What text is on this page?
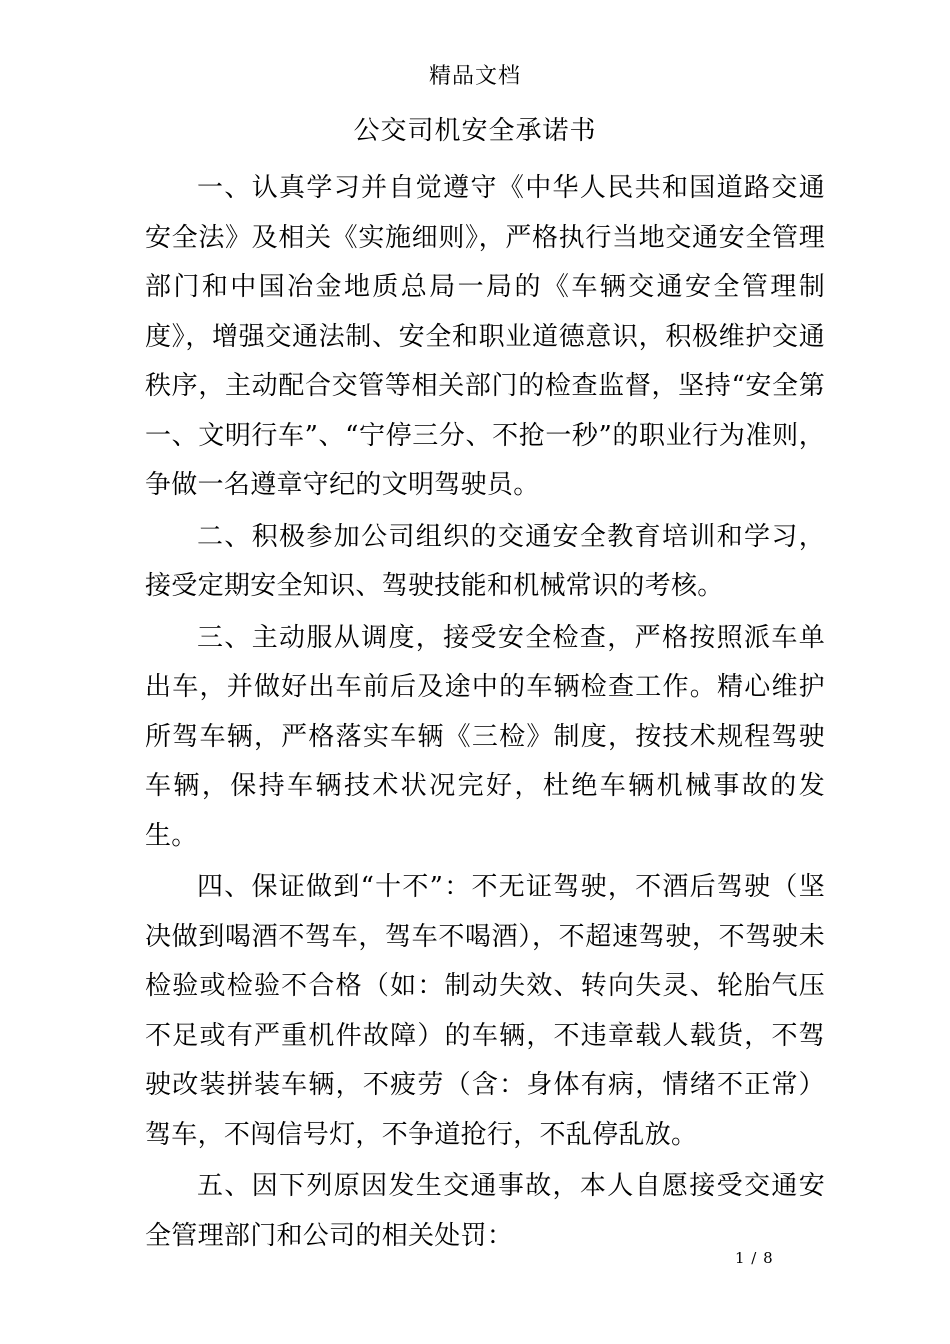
精品文档
公交司机安全承诺书

一、认真学习并自觉遵守《中华人民共和国道路交通安全法》及相关《实施细则》，严格执行当地交通安全管理部门和中国冶金地质总局一局的《车辆交通安全管理制度》，增强交通法制、安全和职业道德意识，积极维护交通秩序，主动配合交管等相关部门的检查监督，坚持“安全第一、文明行车”、“宁停三分、不抢一秒”的职业行为准则，争做一名遵章守纪的文明驾驶员。

二、积极参加公司组织的交通安全教育培训和学习，接受定期安全知识、驾驶技能和机械常识的考核。

三、主动服从调度，接受安全检查，严格按照派车单出车，并做好出车前后及途中的车辆检查工作。精心维护所驾车辆，严格落实车辆《三检》制度，按技术规程驾驶车辆，保持车辆技术状况完好，杜绝车辆机械事故的发生。

四、保证做到“十不”：不无证驾驶，不酒后驾驶（坚决做到喝酒不驾车，驾车不喝酒），不超速驾驶，不驾驶未检验或检验不合格（如：制动失效、转向失灵、轮胎气压不足或有严重机件故障）的车辆，不违章载人载货，不驾驶改装拼装车辆，不疲劳（含：身体有病，情绪不正常）驾车，不闯信号灯，不争道抢行，不乱停乱放。

五、因下列原因发生交通事故，本人自愿接受交通安全管理部门和公司的相关处罚：

1 / 8
